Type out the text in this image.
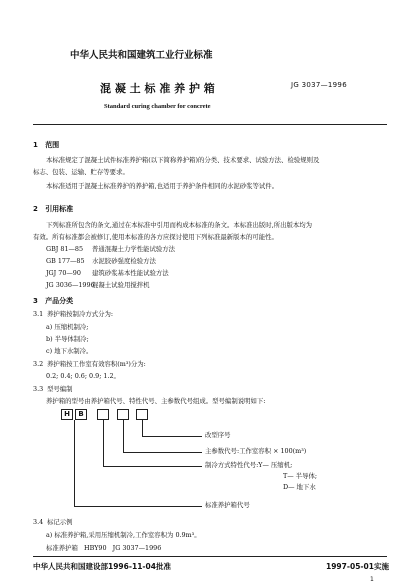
中华人民共和国建筑工业行业标准
混 凝 土 标 准 养 护 箱	JG 3037—1996
Standard curing chamber for concrete
1 范围
本标准规定了混凝土试件标准养护箱(以下简称养护箱)的分类、技术要求、试验方法、检验规则及
标志、包装、运输、贮存等要求。
本标准适用于混凝土标准养护的养护箱,也适用于养护条件相同的水泥砂浆等试件。
2 引用标准
下列标准所包含的条文,通过在本标准中引用而构成本标准的条文。本标准出版时,所出版本均为
有效。所有标准都会被修订,使用本标准的各方应探讨使用下列标准最新版本的可能性。
GBJ 81—85 普通混凝土力学性能试验方法
GB 177—85 水泥胶砂强度检验方法
JGJ 70—90 建筑砂浆基本性能试验方法
JG 3036—1996混凝土试验用搅拌机
3 产品分类
3.1 养护箱按制冷方式分为:
a) 压缩机制冷;
b) 半导体制冷;
c) 地下水制冷。
3.2 养护箱按工作室有效容积(m³)分为:
0.2; 0.4; 0.6; 0.9; 1.2。
3.3 型号编制
养护箱的型号由养护箱代号、特性代号、主参数代号组成。型号编制说明如下:
H	B
改型序号
主参数代号:工作室容积 × 100(m³)
制冷方式特性代号:Y— 压缩机;
T— 半导体;
D— 地下水
标准养护箱代号
3.4 标记示例
a) 标准养护箱,采用压缩机制冷,工作室容积为 0.9m³。
标准养护箱   HBY90   JG 3037—1996
中华人民共和国建设部1996-11-04批准	1997-05-01实施
1
